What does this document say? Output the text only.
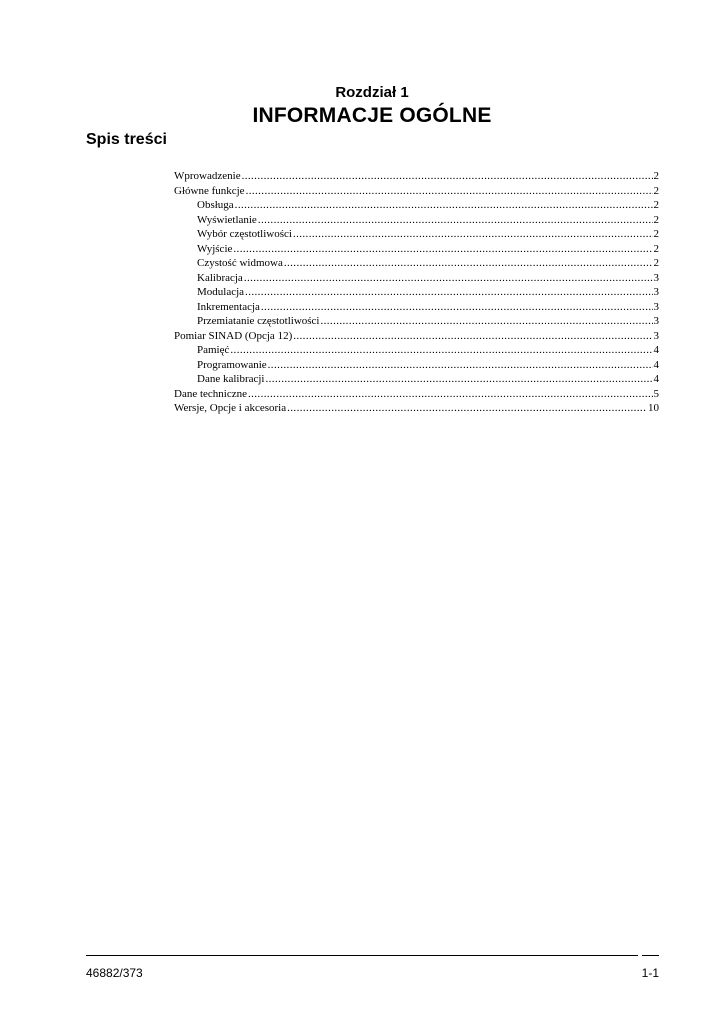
Rozdział 1
INFORMACJE OGÓLNE
Spis treści
Wprowadzenie .....	2
Główne funkcje .....	2
Obsługa .....	2
Wyświetlanie .....	2
Wybór częstotliwości .....	2
Wyjście .....	2
Czystość widmowa .....	2
Kalibracja .....	3
Modulacja .....	3
Inkrementacja .....	3
Przemiatanie częstotliwości .....	3
Pomiar SINAD (Opcja 12) .....	3
Pamięć .....	4
Programowanie .....	4
Dane kalibracji .....	4
Dane techniczne .....	5
Wersje, Opcje i akcesoria .....	10
46882/373	1-1
